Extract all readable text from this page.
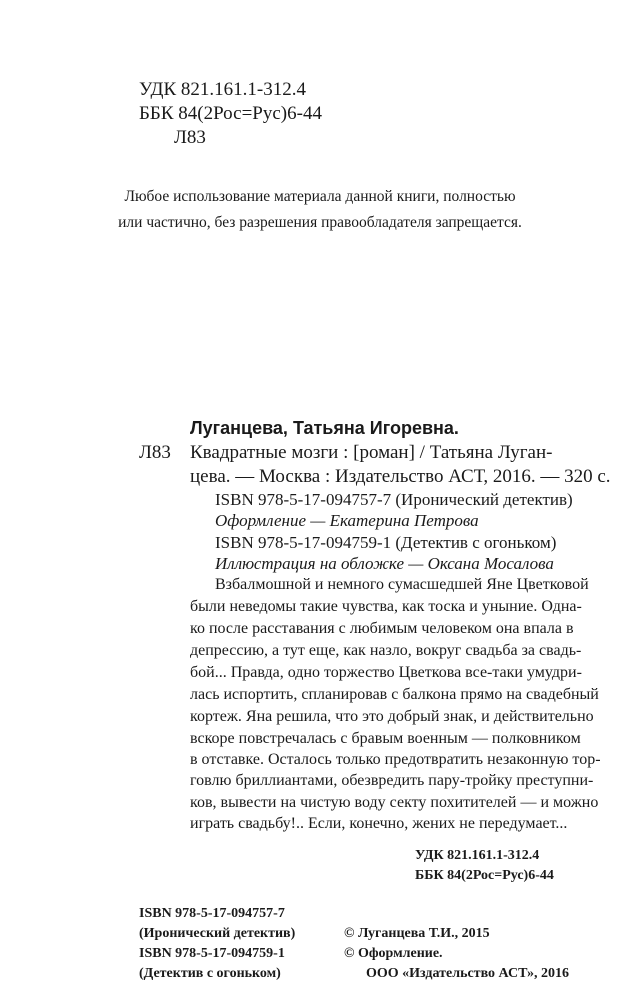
УДК 821.161.1-312.4
ББК 84(2Рос=Рус)6-44
Л83
Любое использование материала данной книги, полностью
или частично, без разрешения правообладателя запрещается.
Луганцева, Татьяна Игоревна.
Л83 Квадратные мозги : [роман] / Татьяна Луган-
цева. — Москва : Издательство АСТ, 2016. — 320 с.
ISBN 978-5-17-094757-7 (Иронический детектив)
Оформление — Екатерина Петрова
ISBN 978-5-17-094759-1 (Детектив с огоньком)
Иллюстрация на обложке — Оксана Мосалова
Взбалмошной и немного сумасшедшей Яне Цветковой
были неведомы такие чувства, как тоска и уныние. Одна-
ко после расставания с любимым человеком она впала в
депрессию, а тут еще, как назло, вокруг свадьба за свадь-
бой... Правда, одно торжество Цветкова все-таки умудри-
лась испортить, спланировав с балкона прямо на свадебный
кортеж. Яна решила, что это добрый знак, и действительно
вскоре повстречалась с бравым военным — полковником
в отставке. Осталось только предотвратить незаконную тор-
говлю бриллиантами, обезвредить пару-тройку преступни-
ков, вывести на чистую воду секту похитителей — и можно
играть свадьбу!.. Если, конечно, жених не передумает...
УДК 821.161.1-312.4
ББК 84(2Рос=Рус)6-44
ISBN 978-5-17-094757-7
(Иронический детектив)
ISBN 978-5-17-094759-1
(Детектив с огоньком)
© Луганцева Т.И., 2015
© Оформление.
ООО «Издательство АСТ», 2016
